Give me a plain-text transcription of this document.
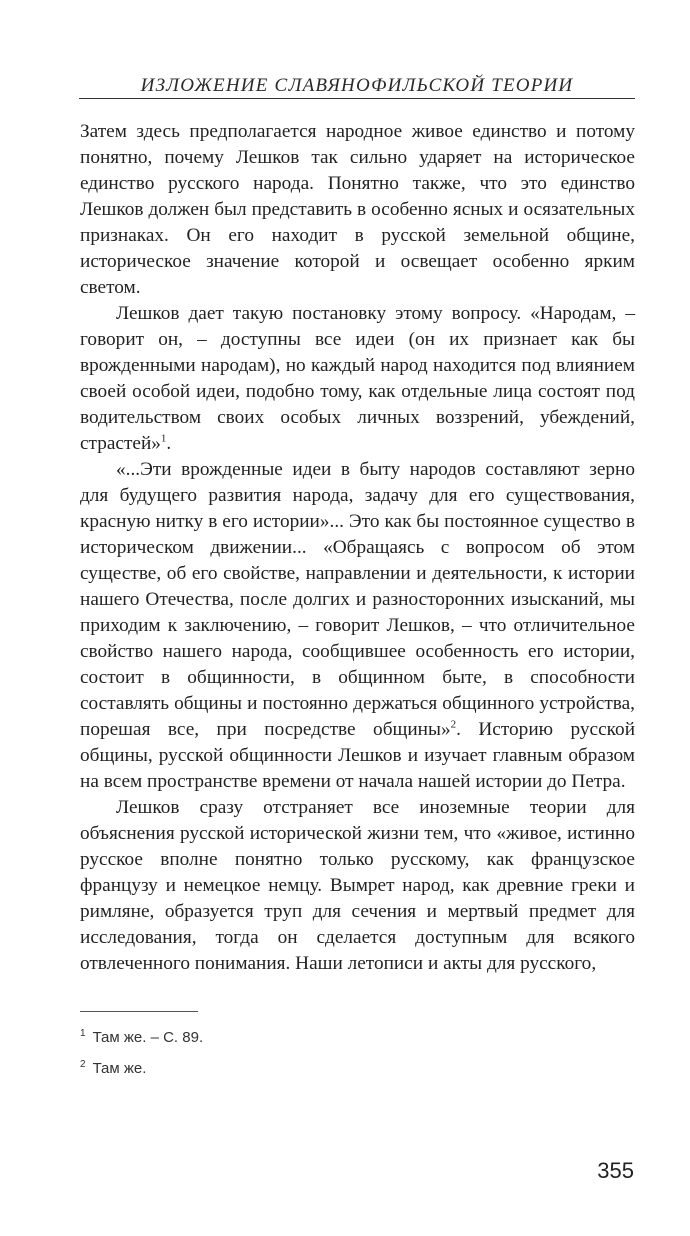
ИЗЛОЖЕНИЕ СЛАВЯНОФИЛЬСКОЙ ТЕОРИИ

Затем здесь предполагается народное живое единство и потому понятно, почему Лешков так сильно ударяет на историческое единство русского народа. Понятно также, что это единство Лешков должен был представить в особенно ясных и осязательных признаках. Он его находит в русской земельной общине, историческое значение которой и освещает особенно ярким светом.

Лешков дает такую постановку этому вопросу. «Народам, – говорит он, – доступны все идеи (он их признает как бы врожденными народам), но каждый народ находится под влиянием своей особой идеи, подобно тому, как отдельные лица состоят под водительством своих особых личных воззрений, убеждений, страстей»$^1$.

«...Эти врожденные идеи в быту народов составляют зерно для будущего развития народа, задачу для его существования, красную нитку в его истории»... Это как бы постоянное существо в историческом движении... «Обращаясь с вопросом об этом существе, об его свойстве, направлении и деятельности, к истории нашего Отечества, после долгих и разносторонних изысканий, мы приходим к заключению, – говорит Лешков, – что отличительное свойство нашего народа, сообщившее особенность его истории, состоит в общинности, в общинном быте, в способности составлять общины и постоянно держаться общинного устройства, порешая все, при посредстве общины»$^2$. Историю русской общины, русской общинности Лешков и изучает главным образом на всем пространстве времени от начала нашей истории до Петра.

Лешков сразу отстраняет все иноземные теории для объяснения русской исторической жизни тем, что «живое, истинно русское вполне понятно только русскому, как французское французу и немецкое немцу. Вымрет народ, как древние греки и римляне, образуется труп для сечения и мертвый предмет для исследования, тогда он сделается доступным для всякого отвлеченного понимания. Наши летописи и акты для русского,

$^1$ Там же. – С. 89.
$^2$ Там же.
355
